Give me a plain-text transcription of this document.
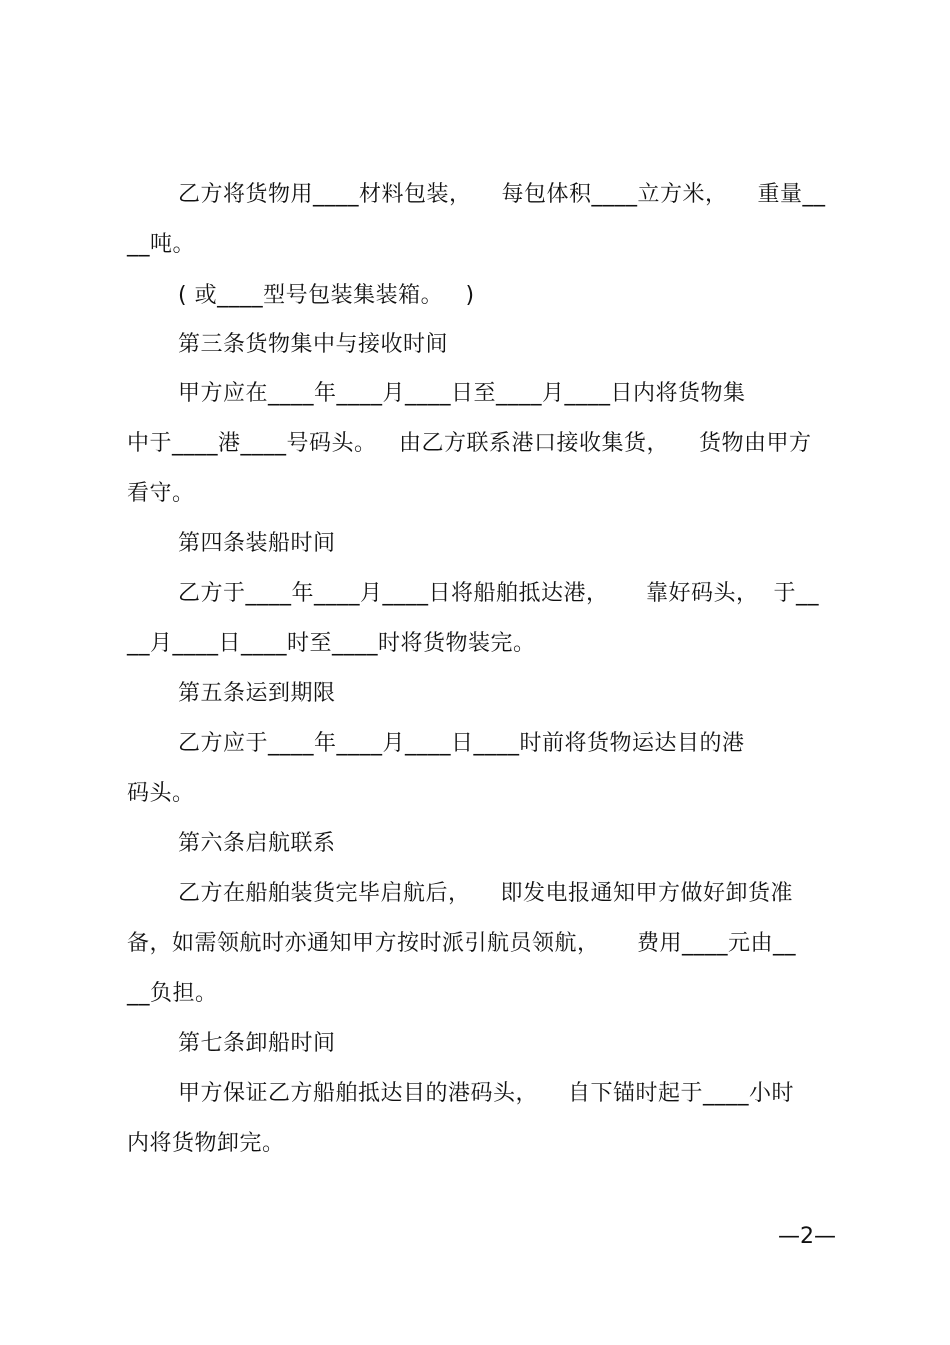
乙方将货物用____材料包装，    每包体积____立方米，    重量__
__吨。
( 或____型号包装集装箱。   )
第三条货物集中与接收时间
甲方应在____年____月____日至____月____日内将货物集
中于____港____号码头。   由乙方联系港口接收集货，    货物由甲方
看守。
第四条装船时间
乙方于____年____月____日将船舶抵达港，     靠好码头，  于__
__月____日____时至____时将货物装完。
第五条运到期限
乙方应于____年____月____日____时前将货物运达目的港
码头。
第六条启航联系
乙方在船舶装货完毕启航后，    即发电报通知甲方做好卸货准
备，如需领航时亦通知甲方按时派引航员领航，     费用____元由__
__负担。
第七条卸船时间
甲方保证乙方船舶抵达目的港码头，    自下锚时起于____小时
内将货物卸完。
—2—
